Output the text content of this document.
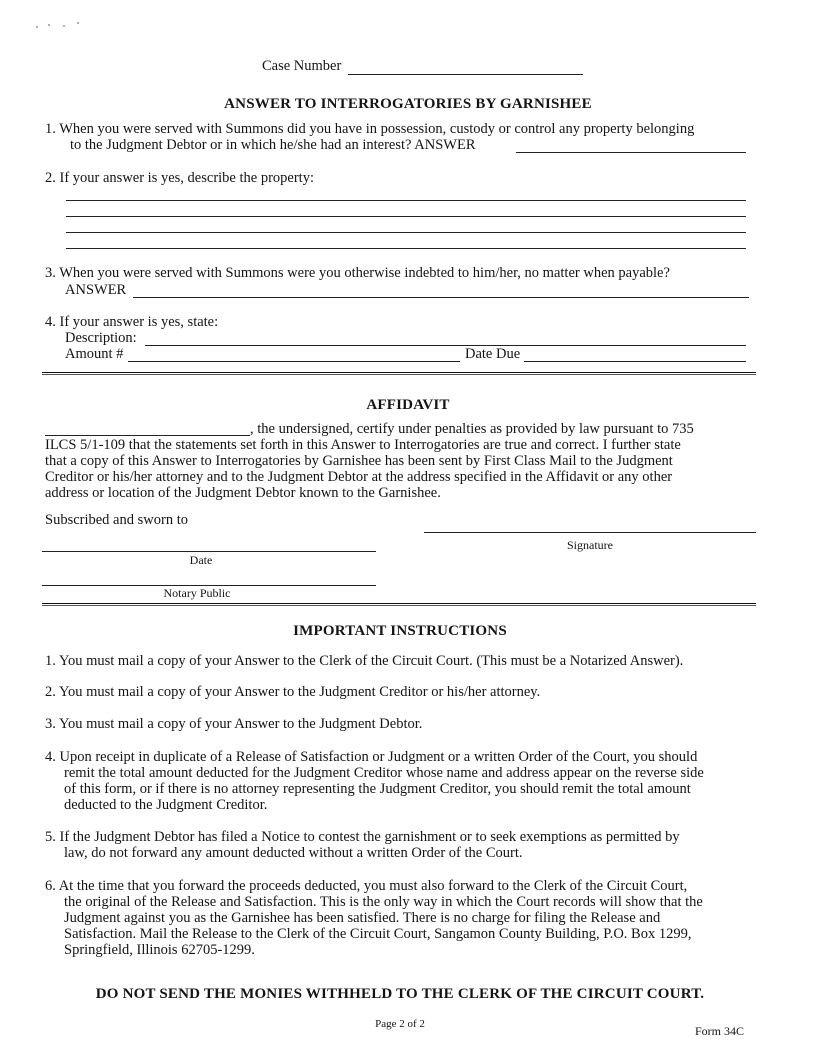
Case Number
ANSWER TO INTERROGATORIES BY GARNISHEE
1. When you were served with Summons did you have in possession, custody or control any property belonging
to the Judgment Debtor or in which he/she had an interest? ANSWER
2. If your answer is yes, describe the property:
3. When you were served with Summons were you otherwise indebted to him/her, no matter when payable?
ANSWER
4. If your answer is yes, state:
Description:
Amount #	Date Due
AFFIDAVIT
, the undersigned, certify under penalties as provided by law pursuant to 735
ILCS 5/1-109 that the statements set forth in this Answer to Interrogatories are true and correct. I further state
that a copy of this Answer to Interrogatories by Garnishee has been sent by First Class Mail to the Judgment
Creditor or his/her attorney and to the Judgment Debtor at the address specified in the Affidavit or any other
address or location of the Judgment Debtor known to the Garnishee.
Subscribed and sworn to
Signature
Date
Notary Public
IMPORTANT INSTRUCTIONS
1. You must mail a copy of your Answer to the Clerk of the Circuit Court. (This must be a Notarized Answer).
2. You must mail a copy of your Answer to the Judgment Creditor or his/her attorney.
3. You must mail a copy of your Answer to the Judgment Debtor.
4. Upon receipt in duplicate of a Release of Satisfaction or Judgment or a written Order of the Court, you should
remit the total amount deducted for the Judgment Creditor whose name and address appear on the reverse side
of this form, or if there is no attorney representing the Judgment Creditor, you should remit the total amount
deducted to the Judgment Creditor.
5. If the Judgment Debtor has filed a Notice to contest the garnishment or to seek exemptions as permitted by
law, do not forward any amount deducted without a written Order of the Court.
6. At the time that you forward the proceeds deducted, you must also forward to the Clerk of the Circuit Court,
the original of the Release and Satisfaction. This is the only way in which the Court records will show that the
Judgment against you as the Garnishee has been satisfied. There is no charge for filing the Release and
Satisfaction. Mail the Release to the Clerk of the Circuit Court, Sangamon County Building, P.O. Box 1299,
Springfield, Illinois 62705-1299.
DO NOT SEND THE MONIES WITHHELD TO THE CLERK OF THE CIRCUIT COURT.
Page 2 of 2	Form 34C
